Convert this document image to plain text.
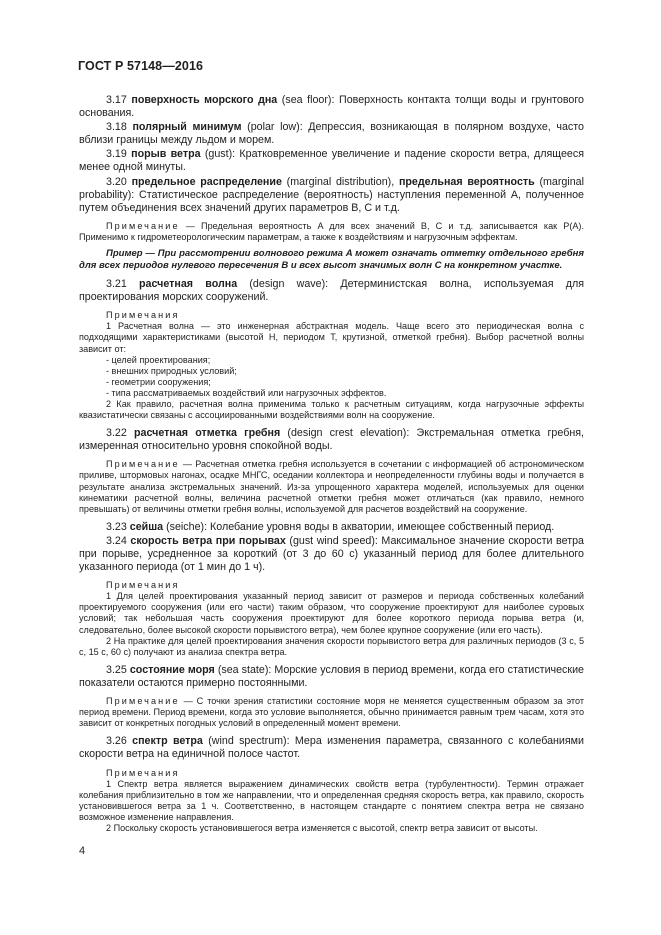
ГОСТ Р 57148—2016

3.17 поверхность морского дна (sea floor): Поверхность контакта толщи воды и грунтового основания.

3.18 полярный минимум (polar low): Депрессия, возникающая в полярном воздухе, часто вблизи границы между льдом и морем.

3.19 порыв ветра (gust): Кратковременное увеличение и падение скорости ветра, длящееся менее одной минуты.

3.20 предельное распределение (marginal distribution), предельная вероятность (marginal probability): Статистическое распределение (вероятность) наступления переменной A, полученное путем объединения всех значений других параметров B, C и т.д.

Примечание — Предельная вероятность A для всех значений B, C и т.д. записывается как P(A). Применимо к гидрометеорологическим параметрам, а также к воздействиям и нагрузочным эффектам.

Пример — При рассмотрении волнового режима A может означать отметку отдельного гребня для всех периодов нулевого пересечения B и всех высот значимых волн C на конкретном участке.

3.21 расчетная волна (design wave): Детерминистская волна, используемая для проектирования морских сооружений.

Примечания

1 Расчетная волна — это инженерная абстрактная модель. Чаще всего это периодическая волна с подходящими характеристиками (высотой H, периодом T, крутизной, отметкой гребня). Выбор расчетной волны зависит от:

- целей проектирования;

- внешних природных условий;

- геометрии сооружения;

- типа рассматриваемых воздействий или нагрузочных эффектов.

2 Как правило, расчетная волна применима только к расчетным ситуациям, когда нагрузочные эффекты квазистатически связаны с ассоциированными воздействиями волн на сооружение.

3.22 расчетная отметка гребня (design crest elevation): Экстремальная отметка гребня, измеренная относительно уровня спокойной воды.

Примечание — Расчетная отметка гребня используется в сочетании с информацией об астрономическом приливе, штормовых нагонах, осадке МНГС, оседании коллектора и неопределенности глубины воды и получается в результате анализа экстремальных значений. Из-за упрощенного характера моделей, используемых для оценки кинематики расчетной волны, величина расчетной отметки гребня может отличаться (как правило, немного превышать) от величины отметки гребня волны, используемой для расчетов воздействий на сооружение.

3.23 сейша (seiche): Колебание уровня воды в акватории, имеющее собственный период.

3.24 скорость ветра при порывах (gust wind speed): Максимальное значение скорости ветра при порыве, усредненное за короткий (от 3 до 60 с) указанный период для более длительного указанного периода (от 1 мин до 1 ч).

Примечания

1 Для целей проектирования указанный период зависит от размеров и периода собственных колебаний проектируемого сооружения (или его части) таким образом, что сооружение проектируют для наиболее суровых условий; так небольшая часть сооружения проектируют для более короткого периода порыва ветра (и, следовательно, более высокой скорости порывистого ветра), чем более крупное сооружение (или его часть).

2 На практике для целей проектирования значения скорости порывистого ветра для различных периодов (3 с, 5 с, 15 с, 60 с) получают из анализа спектра ветра.

3.25 состояние моря (sea state): Морские условия в период времени, когда его статистические показатели остаются примерно постоянными.

Примечание — С точки зрения статистики состояние моря не меняется существенным образом за этот период времени. Период времени, когда это условие выполняется, обычно принимается равным трем часам, хотя это зависит от конкретных погодных условий в определенный момент времени.

3.26 спектр ветра (wind spectrum): Мера изменения параметра, связанного с колебаниями скорости ветра на единичной полосе частот.

Примечания

1 Спектр ветра является выражением динамических свойств ветра (турбулентности). Термин отражает колебания приблизительно в том же направлении, что и определенная средняя скорость ветра, как правило, скорость установившегося ветра за 1 ч. Соответственно, в настоящем стандарте с понятием спектра ветра не связано возможное изменение направления.

2 Поскольку скорость установившегося ветра изменяется с высотой, спектр ветра зависит от высоты.

4
